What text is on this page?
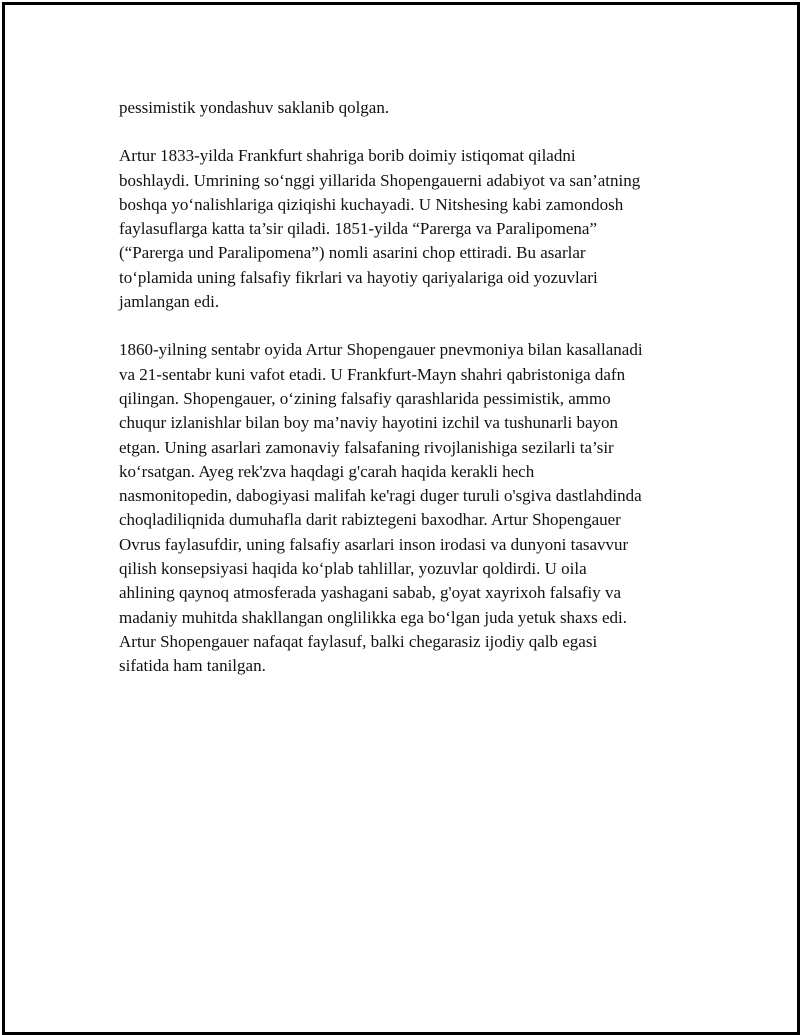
pessimistik yondashuv saklanib qolgan.
Artur 1833-yilda Frankfurt shahriga borib doimiy istiqomat qiladni
boshlaydi. Umrining so‘nggi yillarida Shopengauerni adabiyot va san’atning
boshqa yo‘nalishlariga qiziqishi kuchayadi. U Nitshesing kabi zamondosh
faylasuflarga katta ta’sir qiladi. 1851-yilda “Parerga va Paralipomena”
(“Parerga und Paralipomena”) nomli asarini chop ettiradi. Bu asarlar
to‘plamida uning falsafiy fikrlari va hayotiy qariyalariga oid yozuvlari
jamlangan edi.
1860-yilning sentabr oyida Artur Shopengauer pnevmoniya bilan kasallanadi
va 21-sentabr kuni vafot etadi. U Frankfurt-Mayn shahri qabristoniga dafn
qilingan. Shopengauer, o‘zining falsafiy qarashlarida pessimistik, ammo
chuqur izlanishlar bilan boy ma’naviy hayotini izchil va tushunarli bayon
etgan. Uning asarlari zamonaviy falsafaning rivojlanishiga sezilarli ta’sir
ko‘rsatgan. Ayeg rek'zva haqdagi g'carah haqida kerakli hech
nasmonitopedin, dabogiyasi malifah ke'ragi duger turuli o'sgiva dastlahdinda
choqladiliqnida dumuhafla darit rabiztegeni baxodhar. Artur Shopengauer
Ovrus faylasufdir, uning falsafiy asarlari inson irodasi va dunyoni tasavvur
qilish konsepsiyasi haqida ko‘plab tahlillar, yozuvlar qoldirdi. U oila
ahlining qaynoq atmosferada yashagani sabab, g'oyat xayrixoh falsafiy va
madaniy muhitda shakllangan onglilikka ega bo‘lgan juda yetuk shaxs edi.
Artur Shopengauer nafaqat faylasuf, balki chegarasiz ijodiy qalb egasi
sifatida ham tanilgan.
